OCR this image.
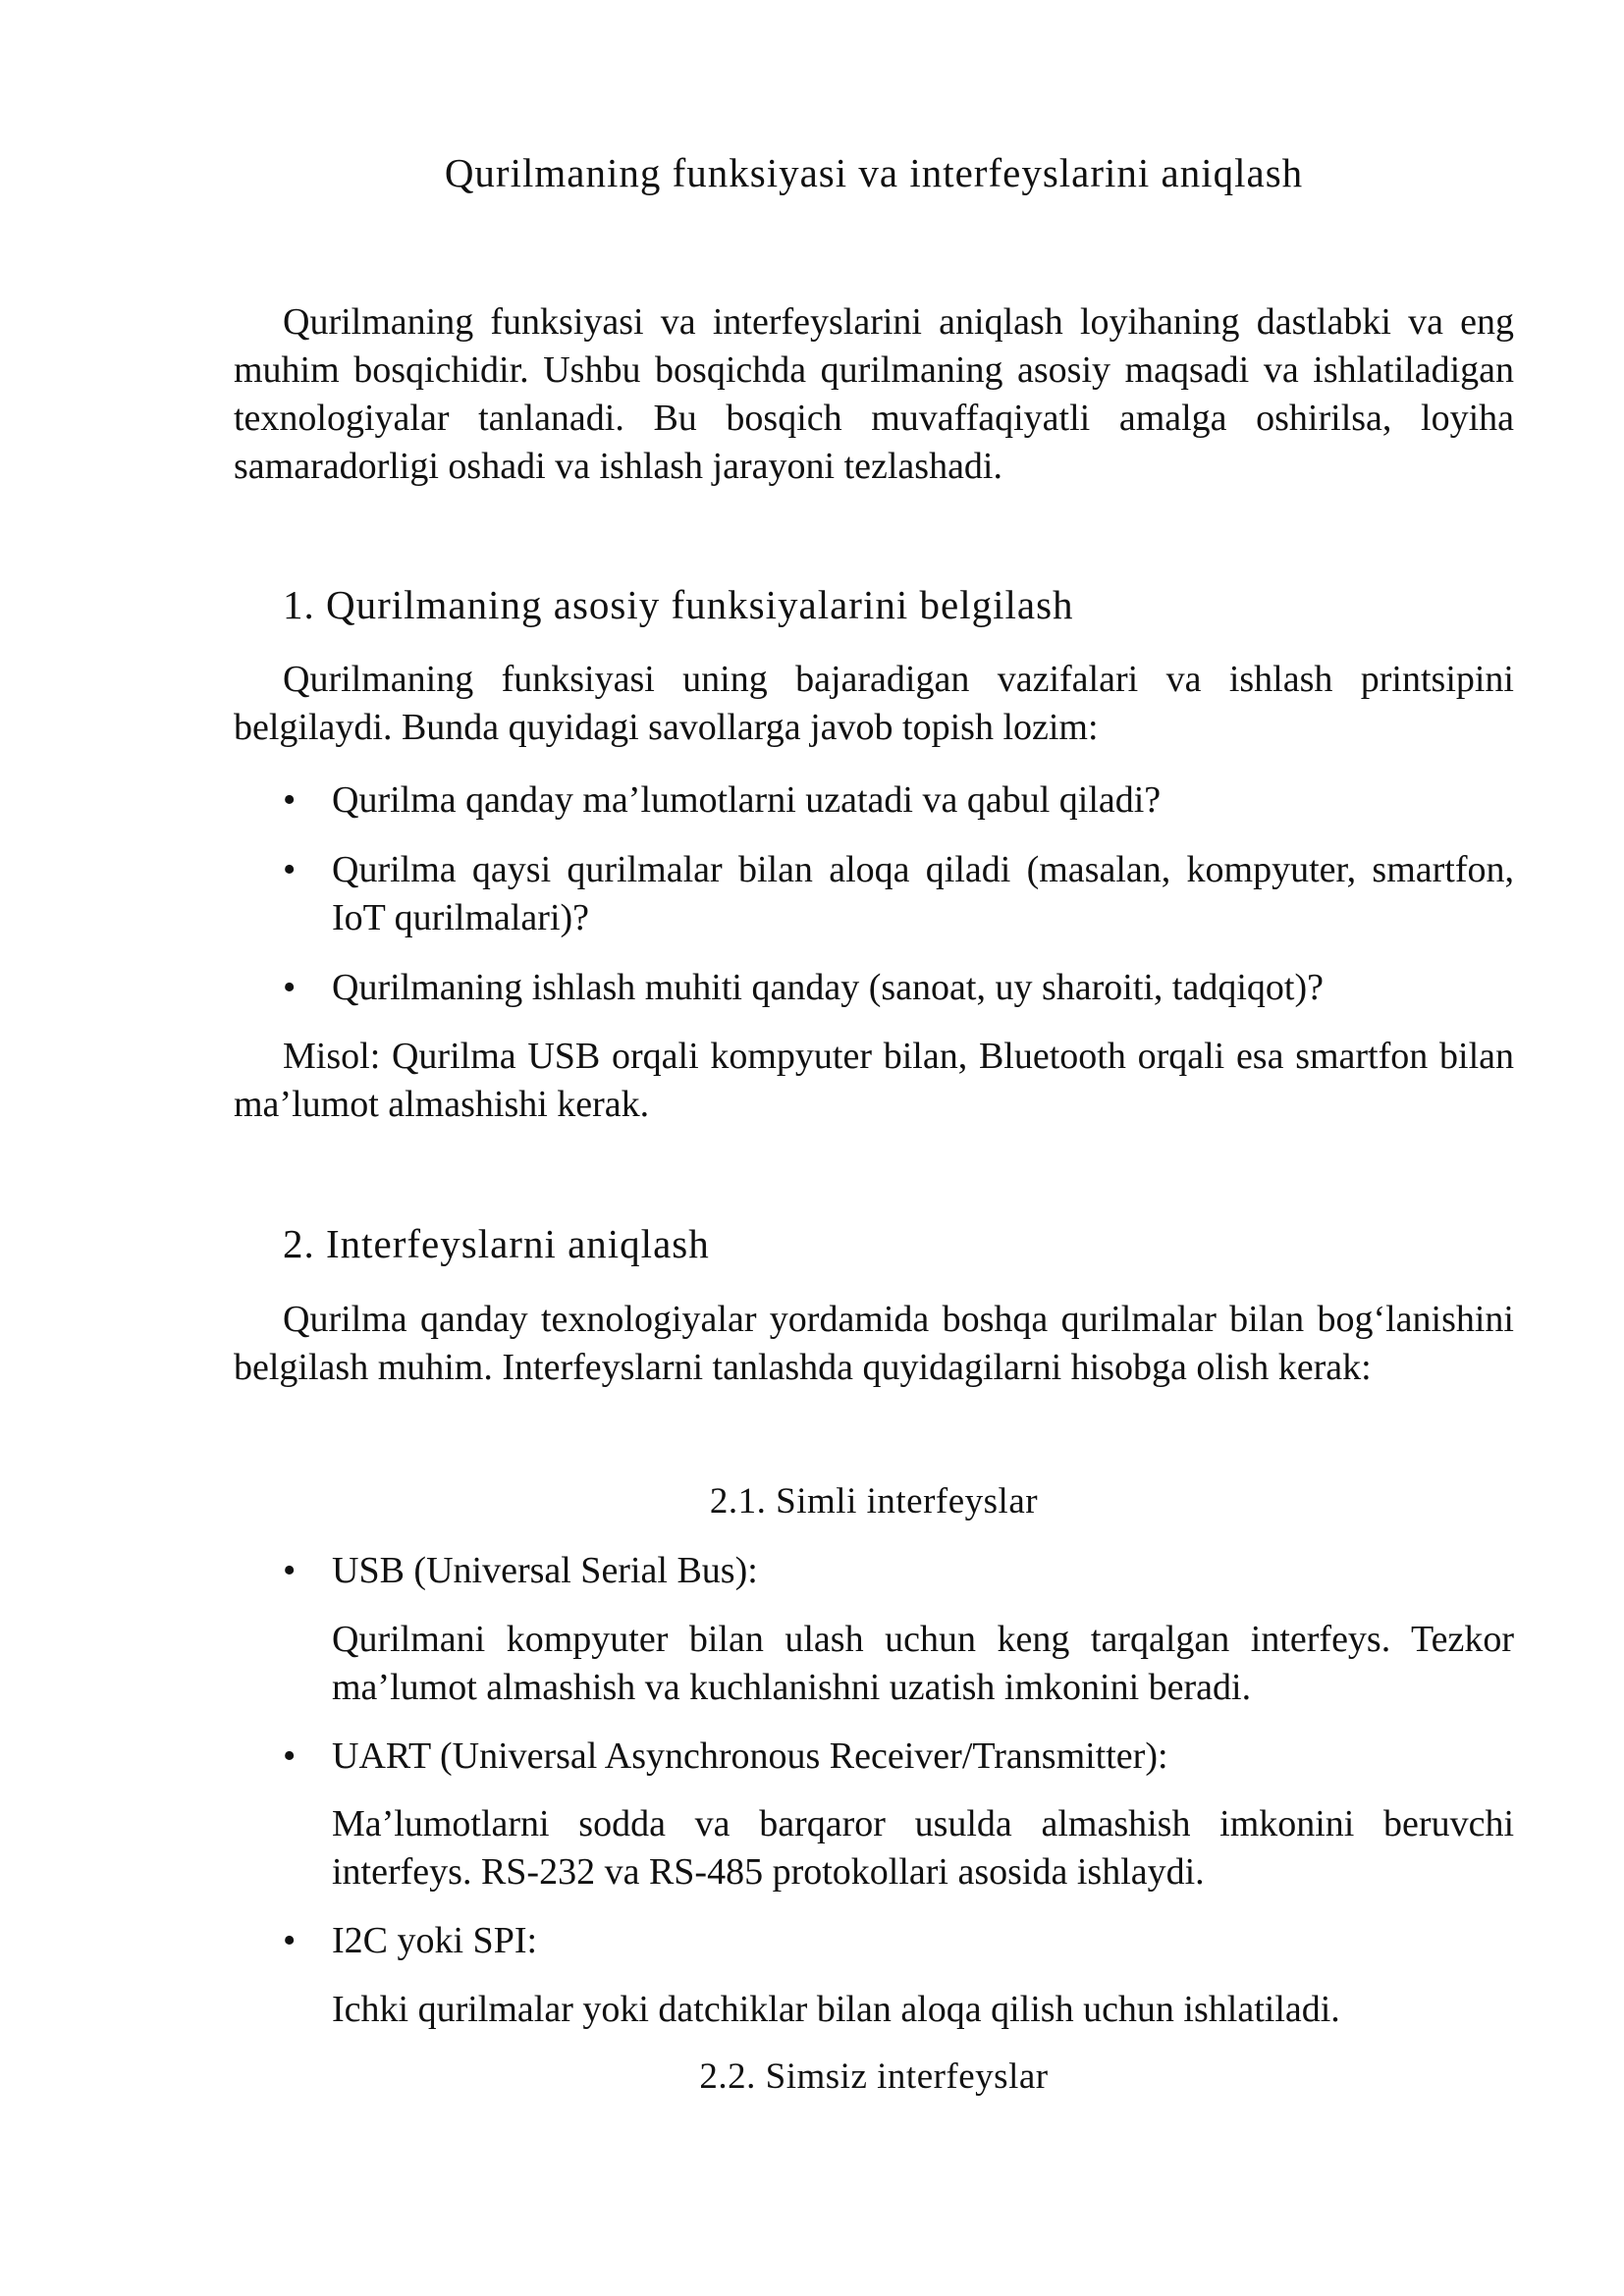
Qurilmaning funksiyasi va interfeyslarini aniqlash

Qurilmaning funksiyasi va interfeyslarini aniqlash loyihaning dastlabki va eng muhim bosqichidir. Ushbu bosqichda qurilmaning asosiy maqsadi va ishlatiladigan texnologiyalar tanlanadi. Bu bosqich muvaffaqiyatli amalga oshirilsa, loyiha samaradorligi oshadi va ishlash jarayoni tezlashadi.

1. Qurilmaning asosiy funksiyalarini belgilash

Qurilmaning funksiyasi uning bajaradigan vazifalari va ishlash printsipini belgilaydi. Bunda quyidagi savollarga javob topish lozim:

• Qurilma qanday ma’lumotlarni uzatadi va qabul qiladi?
• Qurilma qaysi qurilmalar bilan aloqa qiladi (masalan, kompyuter, smartfon, IoT qurilmalari)?
• Qurilmaning ishlash muhiti qanday (sanoat, uy sharoiti, tadqiqot)?

Misol: Qurilma USB orqali kompyuter bilan, Bluetooth orqali esa smartfon bilan ma’lumot almashishi kerak.

2. Interfeyslarni aniqlash

Qurilma qanday texnologiyalar yordamida boshqa qurilmalar bilan bog‘lanishini belgilash muhim. Interfeyslarni tanlashda quyidagilarni hisobga olish kerak:

2.1. Simli interfeyslar
• USB (Universal Serial Bus):

Qurilmani kompyuter bilan ulash uchun keng tarqalgan interfeys. Tezkor ma’lumot almashish va kuchlanishni uzatish imkonini beradi.

• UART (Universal Asynchronous Receiver/Transmitter):

Ma’lumotlarni sodda va barqaror usulda almashish imkonini beruvchi interfeys. RS-232 va RS-485 protokollari asosida ishlaydi.

• I2C yoki SPI:

Ichki qurilmalar yoki datchiklar bilan aloqa qilish uchun ishlatiladi.

2.2. Simsiz interfeyslar
